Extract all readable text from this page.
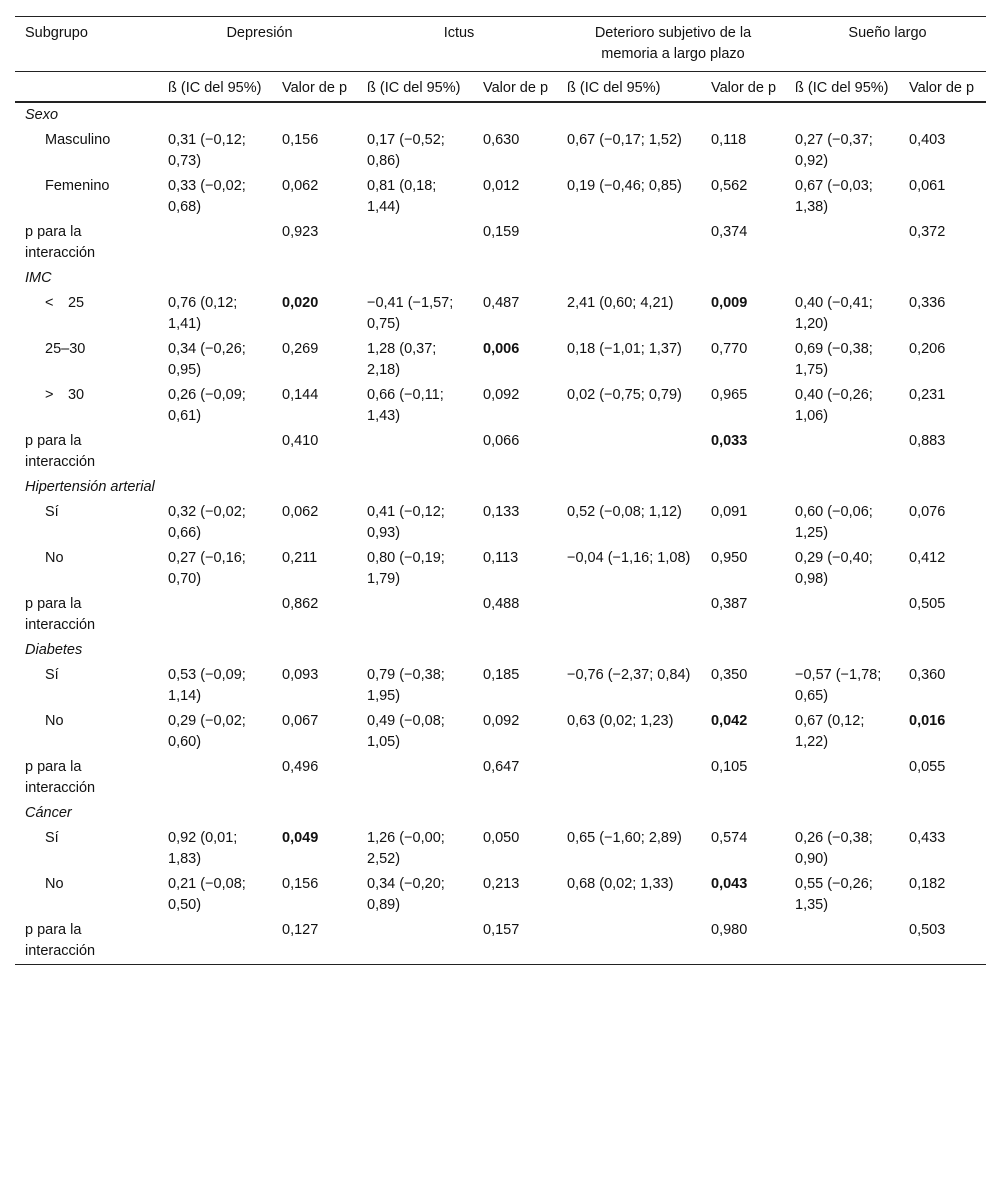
Subgrupo	Depresión		Ictus		Deterioro subjetivo de la memoria a largo plazo		Sueño largo	
	ß (IC del 95%)	Valor de p	ß (IC del 95%)	Valor de p	ß (IC del 95%)	Valor de p	ß (IC del 95%)	Valor de p
Sexo								
Masculino	0,31 (−0,12; 0,73)	0,156	0,17 (−0,52; 0,86)	0,630	0,67 (−0,17; 1,52)	0,118	0,27 (−0,37; 0,92)	0,403
Femenino	0,33 (−0,02; 0,68)	0,062	0,81 (0,18; 1,44)	0,012	0,19 (−0,46; 0,85)	0,562	0,67 (−0,03; 1,38)	0,061
p para la interacción		0,923		0,159		0,374		0,372
IMC								
< 25	0,76 (0,12; 1,41)	0,020	−0,41 (−1,57; 0,75)	0,487	2,41 (0,60; 4,21)	0,009	0,40 (−0,41; 1,20)	0,336
25–30	0,34 (−0,26; 0,95)	0,269	1,28 (0,37; 2,18)	0,006	0,18 (−1,01; 1,37)	0,770	0,69 (−0,38; 1,75)	0,206
> 30	0,26 (−0,09; 0,61)	0,144	0,66 (−0,11; 1,43)	0,092	0,02 (−0,75; 0,79)	0,965	0,40 (−0,26; 1,06)	0,231
p para la interacción		0,410		0,066		0,033		0,883
Hipertensión arterial								
Sí	0,32 (−0,02; 0,66)	0,062	0,41 (−0,12; 0,93)	0,133	0,52 (−0,08; 1,12)	0,091	0,60 (−0,06; 1,25)	0,076
No	0,27 (−0,16; 0,70)	0,211	0,80 (−0,19; 1,79)	0,113	−0,04 (−1,16; 1,08)	0,950	0,29 (−0,40; 0,98)	0,412
p para la interacción		0,862		0,488		0,387		0,505
Diabetes								
Sí	0,53 (−0,09; 1,14)	0,093	0,79 (−0,38; 1,95)	0,185	−0,76 (−2,37; 0,84)	0,350	−0,57 (−1,78; 0,65)	0,360
No	0,29 (−0,02; 0,60)	0,067	0,49 (−0,08; 1,05)	0,092	0,63 (0,02; 1,23)	0,042	0,67 (0,12; 1,22)	0,016
p para la interacción		0,496		0,647		0,105		0,055
Cáncer								
Sí	0,92 (0,01; 1,83)	0,049	1,26 (−0,00; 2,52)	0,050	0,65 (−1,60; 2,89)	0,574	0,26 (−0,38; 0,90)	0,433
No	0,21 (−0,08; 0,50)	0,156	0,34 (−0,20; 0,89)	0,213	0,68 (0,02; 1,33)	0,043	0,55 (−0,26; 1,35)	0,182
p para la interacción		0,127		0,157		0,980		0,503
